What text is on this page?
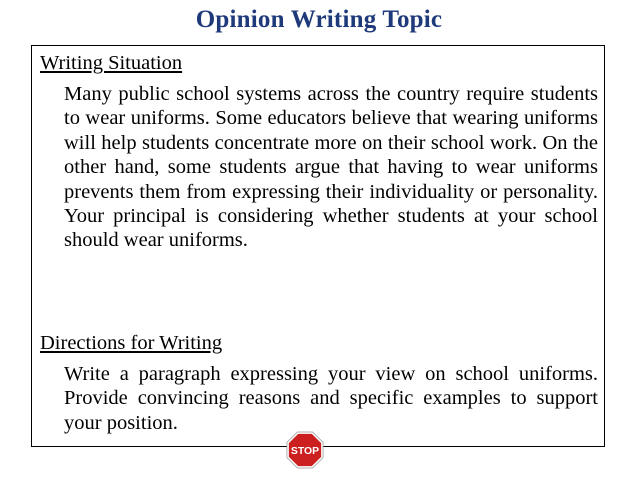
Opinion Writing Topic
Writing Situation
Many public school systems across the country require students to wear uniforms. Some educators believe that wearing uniforms will help students concentrate more on their school work. On the other hand, some students argue that having to wear uniforms prevents them from expressing their individuality or personality. Your principal is considering whether students at your school should wear uniforms.
Directions for Writing
Write a paragraph expressing your view on school uniforms. Provide convincing reasons and specific examples to support your position.
STOP
